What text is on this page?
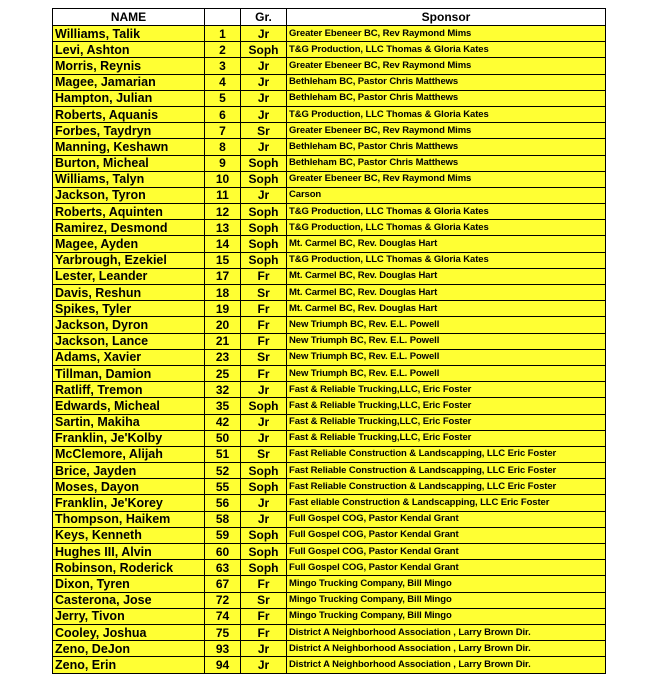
NAME		Gr.	Sponsor
Williams, Talik	1	Jr	Greater Ebeneer BC, Rev Raymond Mims
Levi, Ashton	2	Soph	T&G Production, LLC Thomas & Gloria Kates
Morris, Reynis	3	Jr	Greater Ebeneer BC, Rev Raymond Mims
Magee, Jamarian	4	Jr	Bethleham BC, Pastor Chris Matthews
Hampton, Julian	5	Jr	Bethleham BC, Pastor Chris Matthews
Roberts, Aquanis	6	Jr	T&G Production, LLC Thomas & Gloria Kates
Forbes, Taydryn	7	Sr	Greater Ebeneer BC, Rev Raymond Mims
Manning, Keshawn	8	Jr	Bethleham BC, Pastor Chris Matthews
Burton, Micheal	9	Soph	Bethleham BC, Pastor Chris Matthews
Williams, Talyn	10	Soph	Greater Ebeneer BC, Rev Raymond Mims
Jackson, Tyron	11	Jr	Carson
Roberts, Aquinten	12	Soph	T&G Production, LLC Thomas & Gloria Kates
Ramirez, Desmond	13	Soph	T&G Production, LLC Thomas & Gloria Kates
Magee, Ayden	14	Soph	Mt. Carmel BC, Rev. Douglas Hart
Yarbrough, Ezekiel	15	Soph	T&G Production, LLC Thomas & Gloria Kates
Lester, Leander	17	Fr	Mt. Carmel BC, Rev. Douglas Hart
Davis, Reshun	18	Sr	Mt. Carmel BC, Rev. Douglas Hart
Spikes, Tyler	19	Fr	Mt. Carmel BC, Rev. Douglas Hart
Jackson, Dyron	20	Fr	New Triumph BC, Rev. E.L. Powell
Jackson, Lance	21	Fr	New Triumph BC, Rev. E.L. Powell
Adams, Xavier	23	Sr	New Triumph BC, Rev. E.L. Powell
Tillman, Damion	25	Fr	New Triumph BC, Rev. E.L. Powell
Ratliff, Tremon	32	Jr	Fast & Reliable Trucking,LLC, Eric Foster
Edwards, Micheal	35	Soph	Fast & Reliable Trucking,LLC, Eric Foster
Sartin, Makiha	42	Jr	Fast & Reliable Trucking,LLC, Eric Foster
Franklin, Je'Kolby	50	Jr	Fast & Reliable Trucking,LLC, Eric Foster
McClemore, Alijah	51	Sr	Fast Reliable Construction & Landscapping, LLC Eric Foster
Brice, Jayden	52	Soph	Fast Reliable Construction & Landscapping, LLC Eric Foster
Moses, Dayon	55	Soph	Fast Reliable Construction & Landscapping, LLC Eric Foster
Franklin, Je'Korey	56	Jr	Fast eliable Construction & Landscapping, LLC Eric Foster
Thompson, Haikem	58	Jr	Full Gospel COG, Pastor Kendal Grant
Keys, Kenneth	59	Soph	Full Gospel COG, Pastor Kendal Grant
Hughes III, Alvin	60	Soph	Full Gospel COG, Pastor Kendal Grant
Robinson, Roderick	63	Soph	Full Gospel COG, Pastor Kendal Grant
Dixon, Tyren	67	Fr	Mingo Trucking Company, Bill Mingo
Casterona, Jose	72	Sr	Mingo Trucking Company, Bill Mingo
Jerry, Tivon	74	Fr	Mingo Trucking Company, Bill Mingo
Cooley, Joshua	75	Fr	District A Neighborhood Association , Larry Brown Dir.
Zeno, DeJon	93	Jr	District A Neighborhood Association , Larry Brown Dir.
Zeno, Erin	94	Jr	District A Neighborhood Association , Larry Brown Dir.
